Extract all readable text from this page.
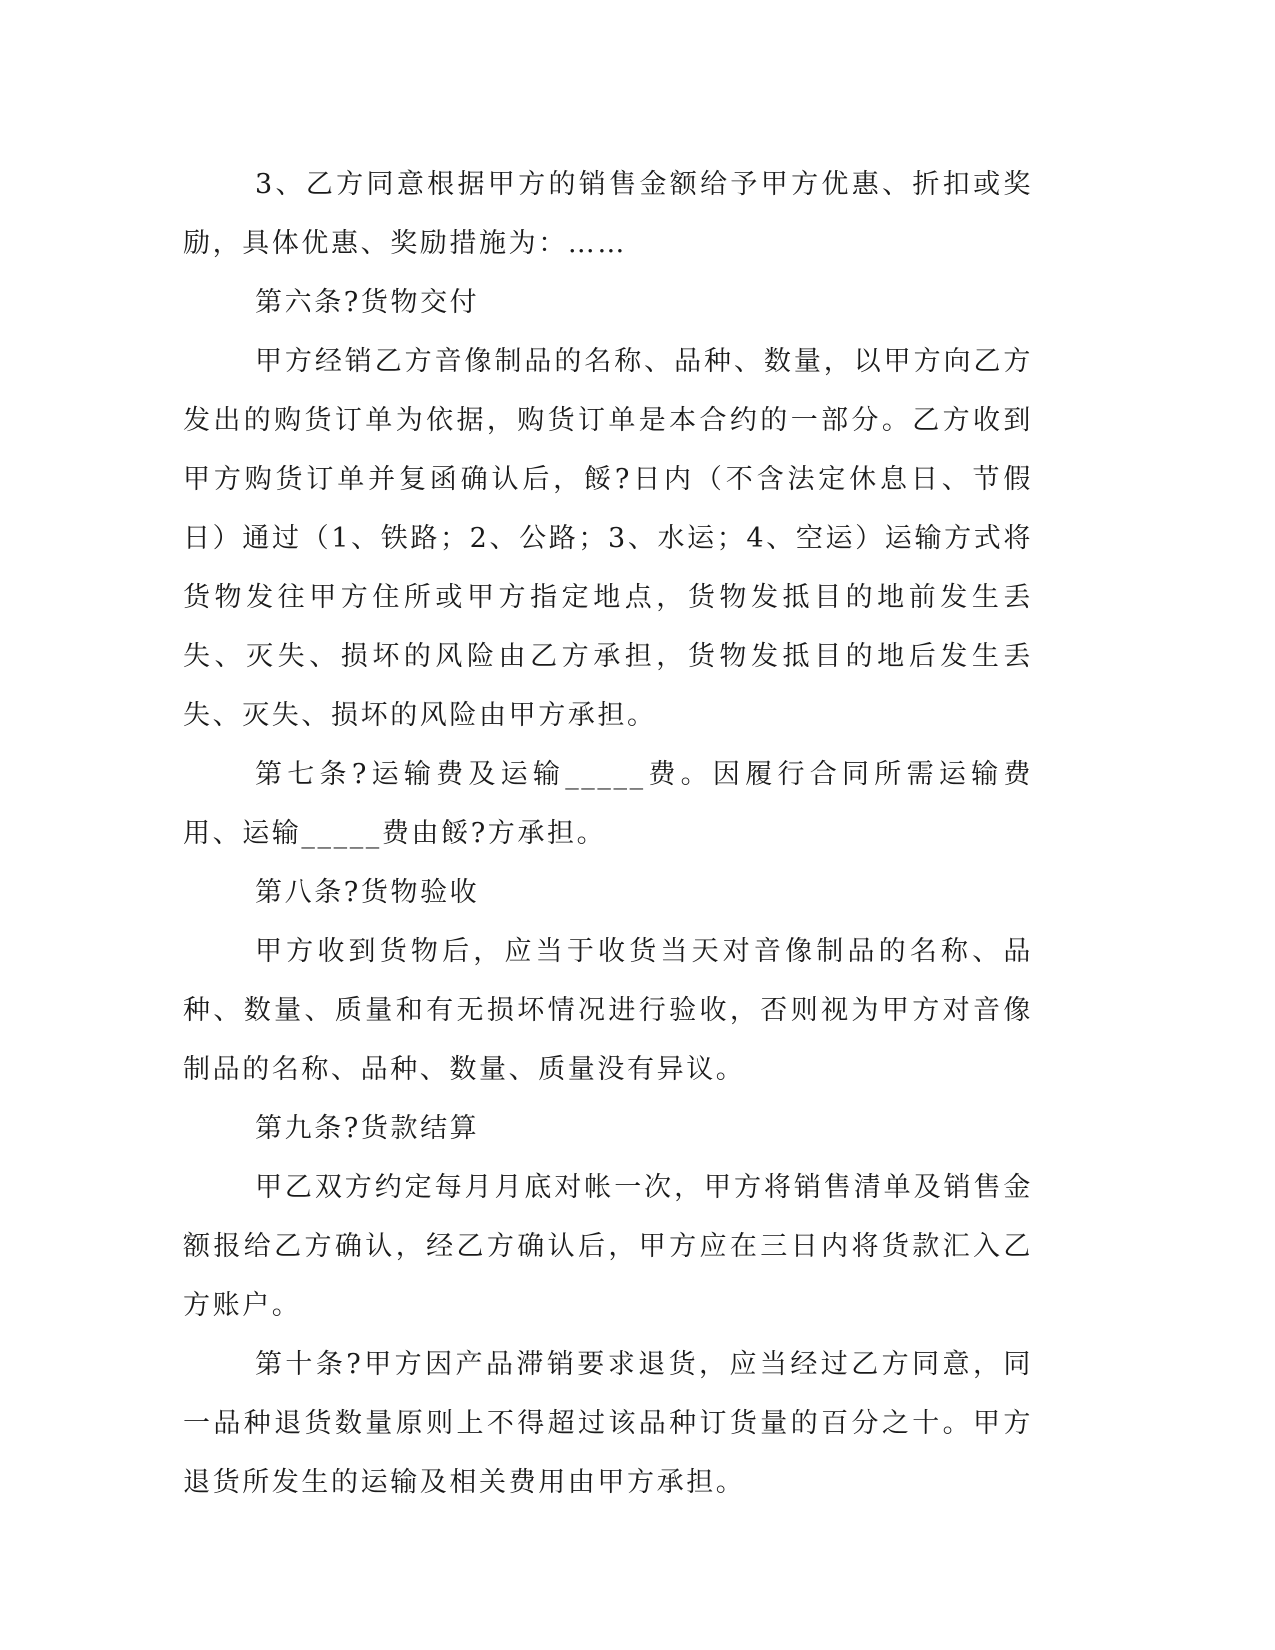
3、乙方同意根据甲方的销售金额给予甲方优惠、折扣或奖励，具体优惠、奖励措施为：……

第六条?货物交付

甲方经销乙方音像制品的名称、品种、数量，以甲方向乙方发出的购货订单为依据，购货订单是本合约的一部分。乙方收到甲方购货订单并复函确认后，餒?日内（不含法定休息日、节假日）通过（1、铁路；2、公路；3、水运；4、空运）运输方式将货物发往甲方住所或甲方指定地点，货物发抵目的地前发生丢失、灭失、损坏的风险由乙方承担，货物发抵目的地后发生丢失、灭失、损坏的风险由甲方承担。

第七条?运输费及运输_____费。因履行合同所需运输费用、运输_____费由餒?方承担。

第八条?货物验收

甲方收到货物后，应当于收货当天对音像制品的名称、品种、数量、质量和有无损坏情况进行验收，否则视为甲方对音像制品的名称、品种、数量、质量没有异议。

第九条?货款结算

甲乙双方约定每月月底对帐一次，甲方将销售清单及销售金额报给乙方确认，经乙方确认后，甲方应在三日内将货款汇入乙方账户。

第十条?甲方因产品滞销要求退货，应当经过乙方同意，同一品种退货数量原则上不得超过该品种订货量的百分之十。甲方退货所发生的运输及相关费用由甲方承担。
